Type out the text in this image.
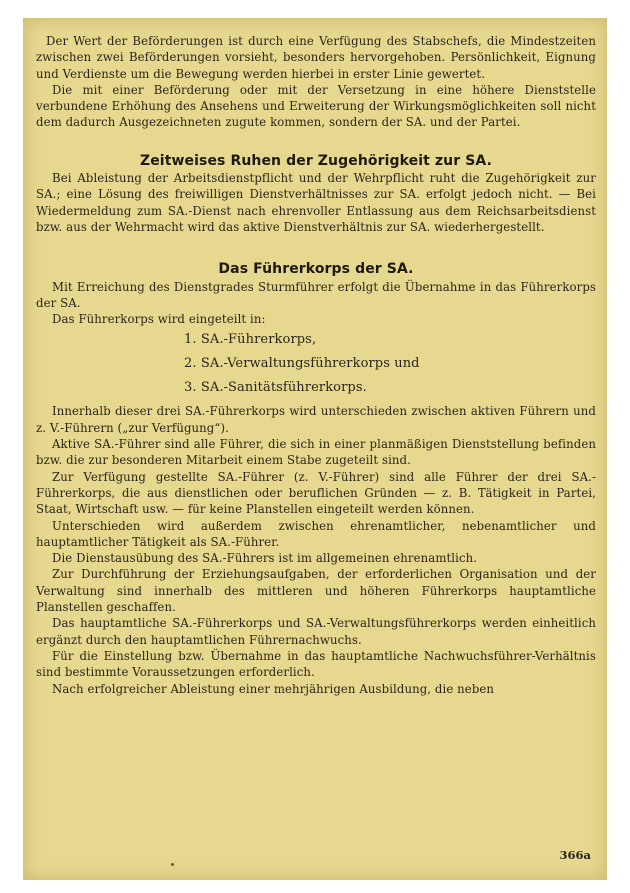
Der Wert der Beförderungen ist durch eine Verfügung des Stabschefs, die Mindestzeiten zwischen zwei Beförderungen vorsieht, besonders hervorgehoben. Persönlichkeit, Eignung und Verdienste um die Bewegung werden hierbei in erster Linie gewertet.

Die mit einer Beförderung oder mit der Versetzung in eine höhere Dienststelle verbundene Erhöhung des Ansehens und Erweiterung der Wirkungsmöglichkeiten soll nicht dem dadurch Ausgezeichneten zugute kommen, sondern der SA. und der Partei.

Zeitweises Ruhen der Zugehörigkeit zur SA.

Bei Ableistung der Arbeitsdienstpflicht und der Wehrpflicht ruht die Zugehörigkeit zur SA.; eine Lösung des freiwilligen Dienstverhältnisses zur SA. erfolgt jedoch nicht. — Bei Wiedermeldung zum SA.-Dienst nach ehrenvoller Entlassung aus dem Reichsarbeitsdienst bzw. aus der Wehrmacht wird das aktive Dienstverhältnis zur SA. wiederhergestellt.

Das Führerkorps der SA.

Mit Erreichung des Dienstgrades Sturmführer erfolgt die Übernahme in das Führerkorps der SA.

Das Führerkorps wird eingeteilt in:

1. SA.-Führerkorps,
2. SA.-Verwaltungsführerkorps und
3. SA.-Sanitätsführerkorps.

Innerhalb dieser drei SA.-Führerkorps wird unterschieden zwischen aktiven Führern und z. V.-Führern („zur Verfügung“).

Aktive SA.-Führer sind alle Führer, die sich in einer planmäßigen Dienststellung befinden bzw. die zur besonderen Mitarbeit einem Stabe zugeteilt sind.

Zur Verfügung gestellte SA.-Führer (z. V.-Führer) sind alle Führer der drei SA.-Führerkorps, die aus dienstlichen oder beruflichen Gründen — z. B. Tätigkeit in Partei, Staat, Wirtschaft usw. — für keine Planstellen eingeteilt werden können.

Unterschieden wird außerdem zwischen ehrenamtlicher, nebenamtlicher und hauptamtlicher Tätigkeit als SA.-Führer.

Die Dienstausübung des SA.-Führers ist im allgemeinen ehrenamtlich.

Zur Durchführung der Erziehungsaufgaben, der erforderlichen Organisation und der Verwaltung sind innerhalb des mittleren und höheren Führerkorps hauptamtliche Planstellen geschaffen.

Das hauptamtliche SA.-Führerkorps und SA.-Verwaltungsführerkorps werden einheitlich ergänzt durch den hauptamtlichen Führernachwuchs.

Für die Einstellung bzw. Übernahme in das hauptamtliche Nachwuchsführer-Verhältnis sind bestimmte Voraussetzungen erforderlich.

Nach erfolgreicher Ableistung einer mehrjährigen Ausbildung, die neben

366a
